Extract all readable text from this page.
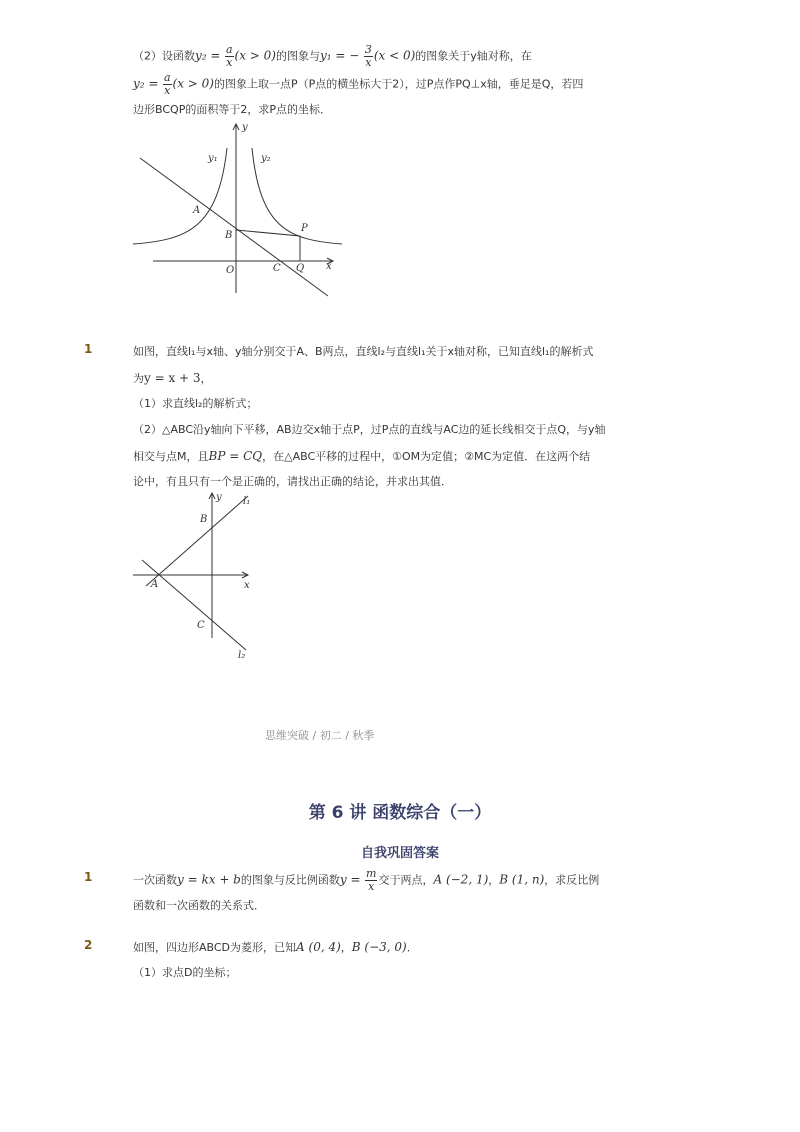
（2）设函数$y_2 = \frac{a}{x} (x > 0)$的图象与y₁ = − $\frac{3}{x} (x < 0)$的图象关于y轴对称，在
$y_2 = \frac{a}{x} (x > 0)$的图象上取一点P（P点的横坐标大于2），过P点作PQ⊥x轴，垂足是Q，若四
边形BCQP的面积等于2，求P点的坐标．
y₁	y₂
y
x
A
B
P
O	C Q
1	如图，直线l₁与x轴、y轴分别交于A、B两点，直线l₂与直线l₁关于x轴对称，已知直线l₁的解析式
为y = x + 3，
（1）求直线l₂的解析式；
（2）△ABC沿y轴向下平移，AB边交x轴于点P，过P点的直线与AC边的延长线相交于点Q，与y轴
相交与点M，且BP = CQ，在△ABC平移的过程中，①OM为定值；②MC为定值．在这两个结
论中，有且只有一个是正确的，请找出正确的结论，并求出其值．
y l₁
B
x
A
C
l₂
思维突破 / 初二 / 秋季
第 6 讲 函数综合（一）
自我巩固答案
1	一次函数y = kx + b的图象与反比例函数$y = \frac{m}{x}$ 交于两点，A (−2, 1)，B (1, n)，求反比例
函数和一次函数的关系式．
2	如图，四边形ABCD为菱形，已知A (0, 4)，B (−3, 0)．
（1）求点D的坐标；
